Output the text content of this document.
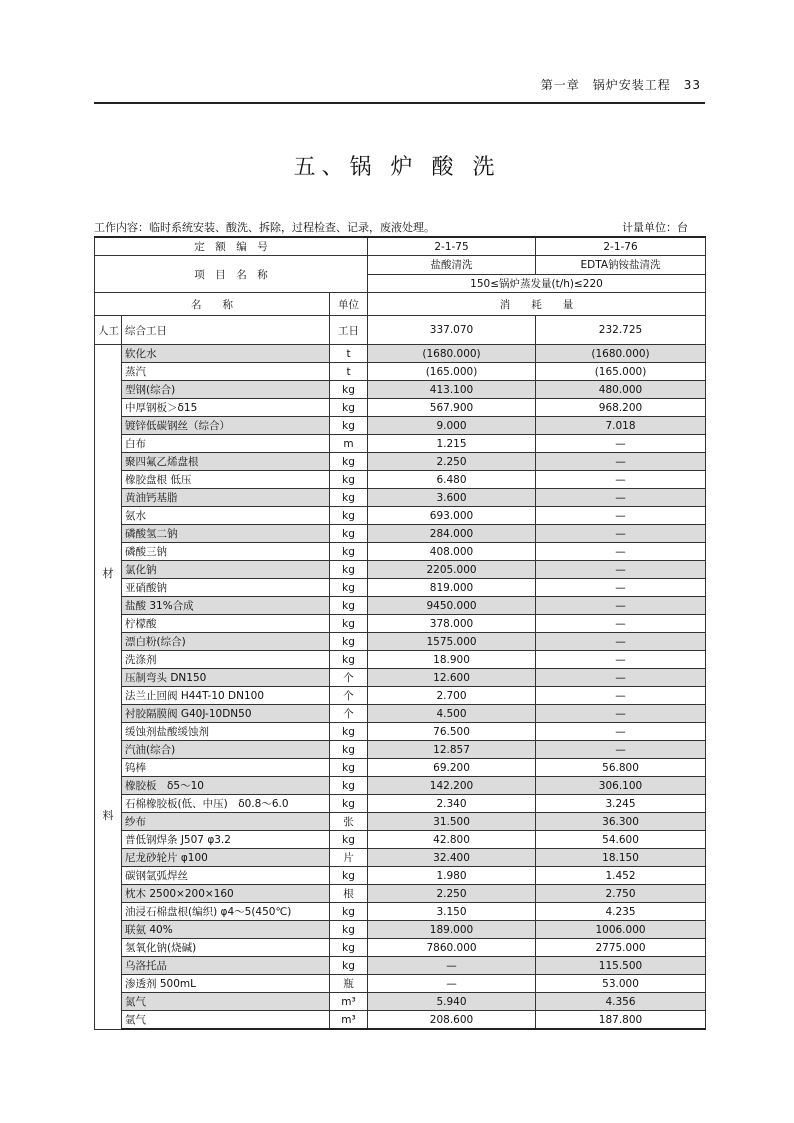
第一章　锅炉安装工程　33
五、锅 炉 酸 洗
工作内容：临时系统安装、酸洗、拆除，过程检查、记录，废液处理。	计量单位：台
定　额　编　号			2-1-75	2-1-76
项　目　名　称			盐酸清洗	EDTA钠铵盐清洗
			150≤锅炉蒸发量(t/h)≤220	
名　　称		单位	消　　耗　　量	
人工	综合工日	工日	337.070	232.725

材
料	软化水	t	(1680.000)	(1680.000)
	蒸汽	t	(165.000)	(165.000)
	型钢(综合)	kg	413.100	480.000
	中厚钢板＞δ15	kg	567.900	968.200
	镀锌低碳钢丝（综合）	kg	9.000	7.018
	白布	m	1.215	—
	聚四氟乙烯盘根	kg	2.250	—
	橡胶盘根 低压	kg	6.480	—
	黄油钙基脂	kg	3.600	—
	氨水	kg	693.000	—
	磷酸氢二钠	kg	284.000	—
	磷酸三钠	kg	408.000	—
	氯化钠	kg	2205.000	—
	亚硝酸钠	kg	819.000	—
	盐酸 31%合成	kg	9450.000	—
	柠檬酸	kg	378.000	—
	漂白粉(综合)	kg	1575.000	—
	洗涤剂	kg	18.900	—
	压制弯头 DN150	个	12.600	—
	法兰止回阀 H44T-10 DN100	个	2.700	—
	衬胶隔膜阀 G40J-10DN50	个	4.500	—
	缓蚀剂盐酸缓蚀剂	kg	76.500	—
	汽油(综合)	kg	12.857	—
	钨棒	kg	69.200	56.800
	橡胶板　δ5～10	kg	142.200	306.100
	石棉橡胶板(低、中压)　δ0.8～6.0	kg	2.340	3.245
	纱布	张	31.500	36.300
	普低钢焊条 J507 φ3.2	kg	42.800	54.600
	尼龙砂轮片 φ100	片	32.400	18.150
	碳钢氩弧焊丝	kg	1.980	1.452
	枕木 2500×200×160	根	2.250	2.750
	油浸石棉盘根(编织) φ4～5(450℃)	kg	3.150	4.235
	联氨 40%	kg	189.000	1006.000
	氢氧化钠(烧碱)	kg	7860.000	2775.000
	乌洛托品	kg	—	115.500
	渗透剂 500mL	瓶	—	53.000
	氮气	m³	5.940	4.356
	氩气	m³	208.600	187.800
